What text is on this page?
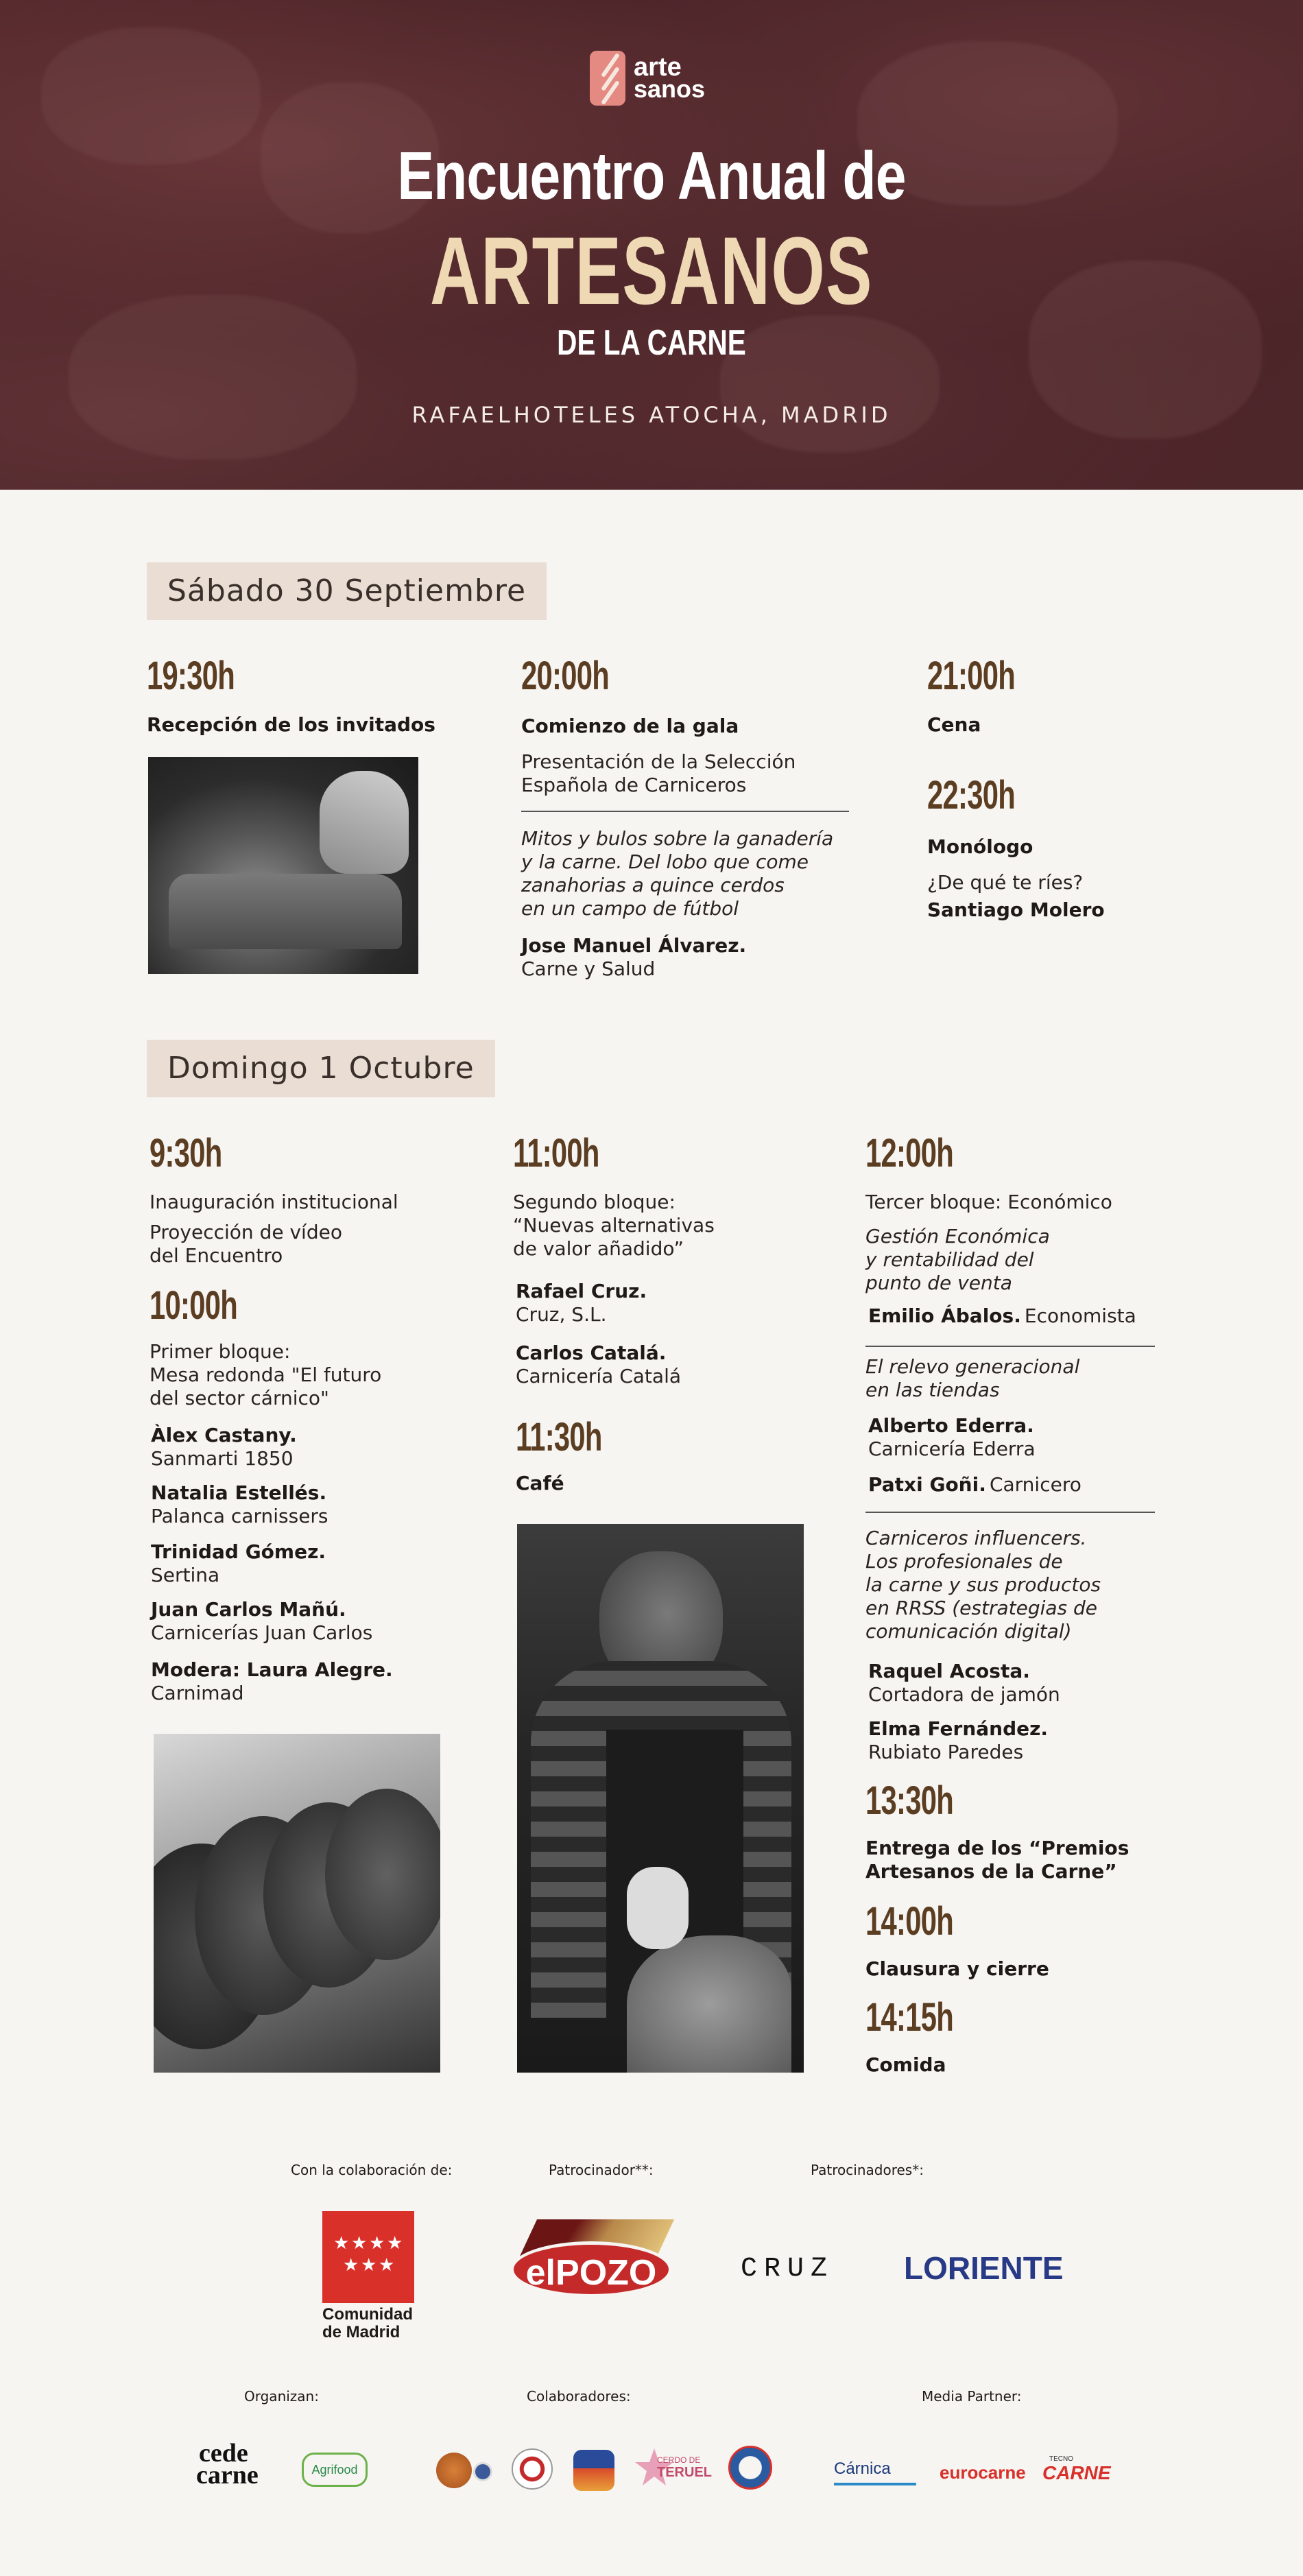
arte
sanos
Encuentro Anual de
ARTESANOS
DE LA CARNE
RAFAELHOTELES ATOCHA, MADRID
Sábado 30 Septiembre
19:30h
Recepción de los invitados
20:00h
Comienzo de la gala
Presentación de la Selección
Española de Carniceros
Mitos y bulos sobre la ganadería
y la carne. Del lobo que come
zanahorias a quince cerdos
en un campo de fútbol
Jose Manuel Álvarez.
Carne y Salud
21:00h
Cena
22:30h
Monólogo
¿De qué te ríes?
Santiago Molero
Domingo 1 Octubre
9:30h
Inauguración institucional
Proyección de vídeo
del Encuentro
10:00h
Primer bloque:
Mesa redonda "El futuro
del sector cárnico"
Àlex Castany.
Sanmarti 1850
Natalia Estellés.
Palanca carnissers
Trinidad Gómez.
Sertina
Juan Carlos Mañú.
Carnicerías Juan Carlos
Modera: Laura Alegre.
Carnimad
11:00h
Segundo bloque:
“Nuevas alternativas
de valor añadido”
Rafael Cruz.
Cruz, S.L.
Carlos Catalá.
Carnicería Catalá
11:30h
Café
12:00h
Tercer bloque: Económico
Gestión Económica
y rentabilidad del
punto de venta
Emilio Ábalos. Economista
El relevo generacional
en las tiendas
Alberto Ederra.
Carnicería Ederra
Patxi Goñi. Carnicero
Carniceros influencers.
Los profesionales de
la carne y sus productos
en RRSS (estrategias de
comunicación digital)
Raquel Acosta.
Cortadora de jamón
Elma Fernández.
Rubiato Paredes
13:30h
Entrega de los “Premios
Artesanos de la Carne”
14:00h
Clausura y cierre
14:15h
Comida
Con la colaboración de:	Patrocinador**:	Patrocinadores*:
★ ★ ★ ★
★ ★ ★
Comunidad
de Madrid
elPOZO	CRUZ LORIENTE
Organizan:	Colaboradores:	Media Partner:
cede
carne	Agrifood
CERDO DE
TERUEL	Cárnica	eurocarne
TECNO
CARNE
